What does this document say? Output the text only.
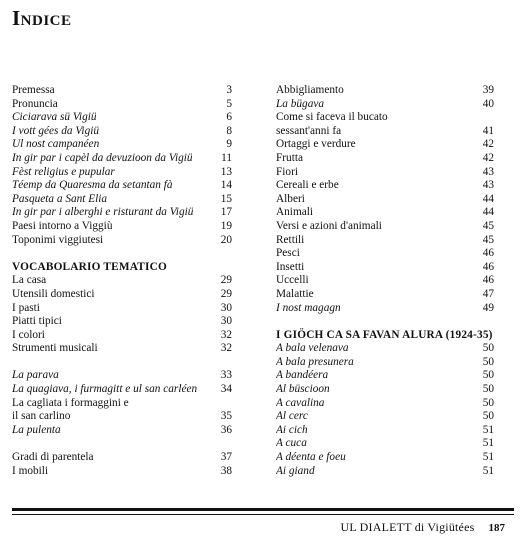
Indice
Premessa	3
Pronuncia	5
Ciciarava sü Vigiü	6
I vott gées da Vigiü	8
Ul nost campanéen	9
In gir par i capèl da devuzioon da Vigiü	11
Fèst religius e pupular	13
Téemp da Quaresma da setantan fà	14
Pasqueta a Sant Elia	15
In gir par i alberghi e risturant da Vigiü 17
Paesi intorno a Viggiù	19
Toponimi viggiutesi	20
VOCABOLARIO TEMATICO
La casa	29
Utensili domestici	29
I pasti	30
Piatti tipici	30
I colori	32
Strumenti musicali	32
La parava	33
La quagiava, i furmagitt e ul san carléen 34
La cagliata i formaggini e
il san carlino	35
La pulenta	36
Gradi di parentela	37
I mobili	38
Abbigliamento	39
La bügava	40
Come si faceva il bucato
sessant'anni fa	41
Ortaggi e verdure	42
Frutta	42
Fiori	43
Cereali e erbe	43
Alberi	44
Animali	44
Versi e azioni d'animali	45
Rettili	45
Pesci	46
Insetti	46
Uccelli	46
Malattie	47
I nost magagn	49
I GIÖCH CA SA FAVAN ALURA (1924-35)
A bala velenava	50
A bala presunera	50
A bandéera	50
Al büscioon	50
A cavalina	50
Al cerc	50
Ai cich	51
A cuca	51
A déenta e foeu	51
Ai giand	51
UL DIALETT di Vigiütées 187
